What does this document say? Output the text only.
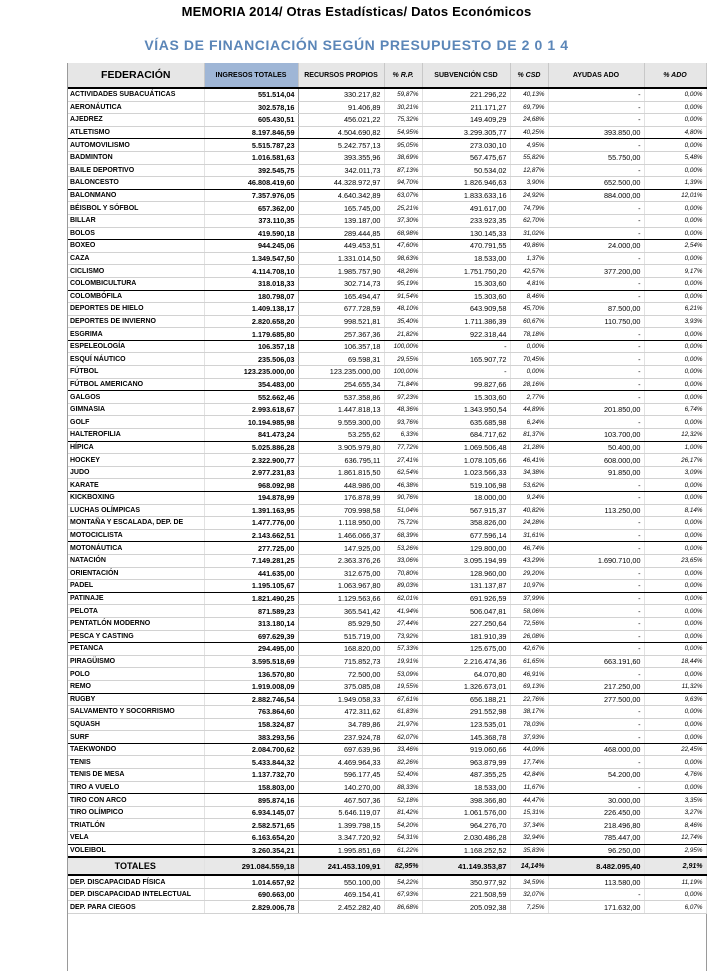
MEMORIA 2014/ Otras Estadísticas/ Datos Económicos
VÍAS DE FINANCIACIÓN SEGÚN PRESUPUESTO DE 2 0 1 4
FEDERACIÓN	INGRESOS TOTALES	RECURSOS PROPIOS	% R.P.	SUBVENCIÓN CSD	% CSD	AYUDAS ADO	% ADO
ACTIVIDADES SUBACUÁTICAS	551.514,04	330.217,82	59,87%	221.296,22	40,13%	-	0,00%
AERONÁUTICA	302.578,16	91.406,89	30,21%	211.171,27	69,79%	-	0,00%
AJEDREZ	605.430,51	456.021,22	75,32%	149.409,29	24,68%	-	0,00%
ATLETISMO	8.197.846,59	4.504.690,82	54,95%	3.299.305,77	40,25%	393.850,00	4,80%
AUTOMOVILISMO	5.515.787,23	5.242.757,13	95,05%	273.030,10	4,95%	-	0,00%
BADMINTON	1.016.581,63	393.355,96	38,69%	567.475,67	55,82%	55.750,00	5,48%
BAILE DEPORTIVO	392.545,75	342.011,73	87,13%	50.534,02	12,87%	-	0,00%
BALONCESTO	46.808.419,60	44.328.972,97	94,70%	1.826.946,63	3,90%	652.500,00	1,39%
BALONMANO	7.357.976,05	4.640.342,89	63,07%	1.833.633,16	24,92%	884.000,00	12,01%
BÉISBOL Y SÓFBOL	657.362,00	165.745,00	25,21%	491.617,00	74,79%	-	0,00%
BILLAR	373.110,35	139.187,00	37,30%	233.923,35	62,70%	-	0,00%
BOLOS	419.590,18	289.444,85	68,98%	130.145,33	31,02%	-	0,00%
BOXEO	944.245,06	449.453,51	47,60%	470.791,55	49,86%	24.000,00	2,54%
CAZA	1.349.547,50	1.331.014,50	98,63%	18.533,00	1,37%	-	0,00%
CICLISMO	4.114.708,10	1.985.757,90	48,26%	1.751.750,20	42,57%	377.200,00	9,17%
COLOMBICULTURA	318.018,33	302.714,73	95,19%	15.303,60	4,81%	-	0,00%
COLOMBÓFILA	180.798,07	165.494,47	91,54%	15.303,60	8,46%	-	0,00%
DEPORTES DE HIELO	1.409.138,17	677.728,59	48,10%	643.909,58	45,70%	87.500,00	6,21%
DEPORTES DE INVIERNO	2.820.658,20	998.521,81	35,40%	1.711.386,39	60,67%	110.750,00	3,93%
ESGRIMA	1.179.685,80	257.367,36	21,82%	922.318,44	78,18%	-	0,00%
ESPELEOLOGÍA	106.357,18	106.357,18	100,00%	-	0,00%	-	0,00%
ESQUÍ NÁUTICO	235.506,03	69.598,31	29,55%	165.907,72	70,45%	-	0,00%
FÚTBOL	123.235.000,00	123.235.000,00	100,00%	-	0,00%	-	0,00%
FÚTBOL AMERICANO	354.483,00	254.655,34	71,84%	99.827,66	28,16%	-	0,00%
GALGOS	552.662,46	537.358,86	97,23%	15.303,60	2,77%	-	0,00%
GIMNASIA	2.993.618,67	1.447.818,13	48,36%	1.343.950,54	44,89%	201.850,00	6,74%
GOLF	10.194.985,98	9.559.300,00	93,76%	635.685,98	6,24%	-	0,00%
HALTEROFILIA	841.473,24	53.255,62	6,33%	684.717,62	81,37%	103.700,00	12,32%
HÍPICA	5.025.886,28	3.905.979,80	77,72%	1.069.506,48	21,28%	50.400,00	1,00%
HOCKEY	2.322.900,77	636.795,11	27,41%	1.078.105,66	46,41%	608.000,00	26,17%
JUDO	2.977.231,83	1.861.815,50	62,54%	1.023.566,33	34,38%	91.850,00	3,09%
KARATE	968.092,98	448.986,00	46,38%	519.106,98	53,62%	-	0,00%
KICKBOXING	194.878,99	176.878,99	90,76%	18.000,00	9,24%	-	0,00%
LUCHAS OLÍMPICAS	1.391.163,95	709.998,58	51,04%	567.915,37	40,82%	113.250,00	8,14%
MONTAÑA Y ESCALADA, DEP. DE	1.477.776,00	1.118.950,00	75,72%	358.826,00	24,28%	-	0,00%
MOTOCICLISTA	2.143.662,51	1.466.066,37	68,39%	677.596,14	31,61%	-	0,00%
MOTONÁUTICA	277.725,00	147.925,00	53,26%	129.800,00	46,74%	-	0,00%
NATACIÓN	7.149.281,25	2.363.376,26	33,06%	3.095.194,99	43,29%	1.690.710,00	23,65%
ORIENTACIÓN	441.635,00	312.675,00	70,80%	128.960,00	29,20%	-	0,00%
PADEL	1.195.105,67	1.063.967,80	89,03%	131.137,87	10,97%	-	0,00%
PATINAJE	1.821.490,25	1.129.563,66	62,01%	691.926,59	37,99%	-	0,00%
PELOTA	871.589,23	365.541,42	41,94%	506.047,81	58,06%	-	0,00%
PENTATLÓN MODERNO	313.180,14	85.929,50	27,44%	227.250,64	72,56%	-	0,00%
PESCA Y CASTING	697.629,39	515.719,00	73,92%	181.910,39	26,08%	-	0,00%
PETANCA	294.495,00	168.820,00	57,33%	125.675,00	42,67%	-	0,00%
PIRAGÜISMO	3.595.518,69	715.852,73	19,91%	2.216.474,36	61,65%	663.191,60	18,44%
POLO	136.570,80	72.500,00	53,09%	64.070,80	46,91%	-	0,00%
REMO	1.919.008,09	375.085,08	19,55%	1.326.673,01	69,13%	217.250,00	11,32%
RUGBY	2.882.746,54	1.949.058,33	67,61%	656.188,21	22,76%	277.500,00	9,63%
SALVAMENTO Y SOCORRISMO	763.864,60	472.311,62	61,83%	291.552,98	38,17%	-	0,00%
SQUASH	158.324,87	34.789,86	21,97%	123.535,01	78,03%	-	0,00%
SURF	383.293,56	237.924,78	62,07%	145.368,78	37,93%	-	0,00%
TAEKWONDO	2.084.700,62	697.639,96	33,46%	919.060,66	44,09%	468.000,00	22,45%
TENIS	5.433.844,32	4.469.964,33	82,26%	963.879,99	17,74%	-	0,00%
TENIS DE MESA	1.137.732,70	596.177,45	52,40%	487.355,25	42,84%	54.200,00	4,76%
TIRO A VUELO	158.803,00	140.270,00	88,33%	18.533,00	11,67%	-	0,00%
TIRO CON ARCO	895.874,16	467.507,36	52,18%	398.366,80	44,47%	30.000,00	3,35%
TIRO OLÍMPICO	6.934.145,07	5.646.119,07	81,42%	1.061.576,00	15,31%	226.450,00	3,27%
TRIATLÓN	2.582.571,65	1.399.798,15	54,20%	964.276,70	37,34%	218.496,80	8,46%
VELA	6.163.654,20	3.347.720,92	54,31%	2.030.486,28	32,94%	785.447,00	12,74%
VOLEIBOL	3.260.354,21	1.995.851,69	61,22%	1.168.252,52	35,83%	96.250,00	2,95%
TOTALES	291.084.559,18	241.453.109,91	82,95%	41.149.353,87	14,14%	8.482.095,40	2,91%
DEP. DISCAPACIDAD FÍSICA	1.014.657,92	550.100,00	54,22%	350.977,92	34,59%	113.580,00	11,19%
DEP. DISCAPACIDAD INTELECTUAL	690.663,00	469.154,41	67,93%	221.508,59	32,07%	-	0,00%
DEP. PARA CIEGOS	2.829.006,78	2.452.282,40	86,68%	205.092,38	7,25%	171.632,00	6,07%
